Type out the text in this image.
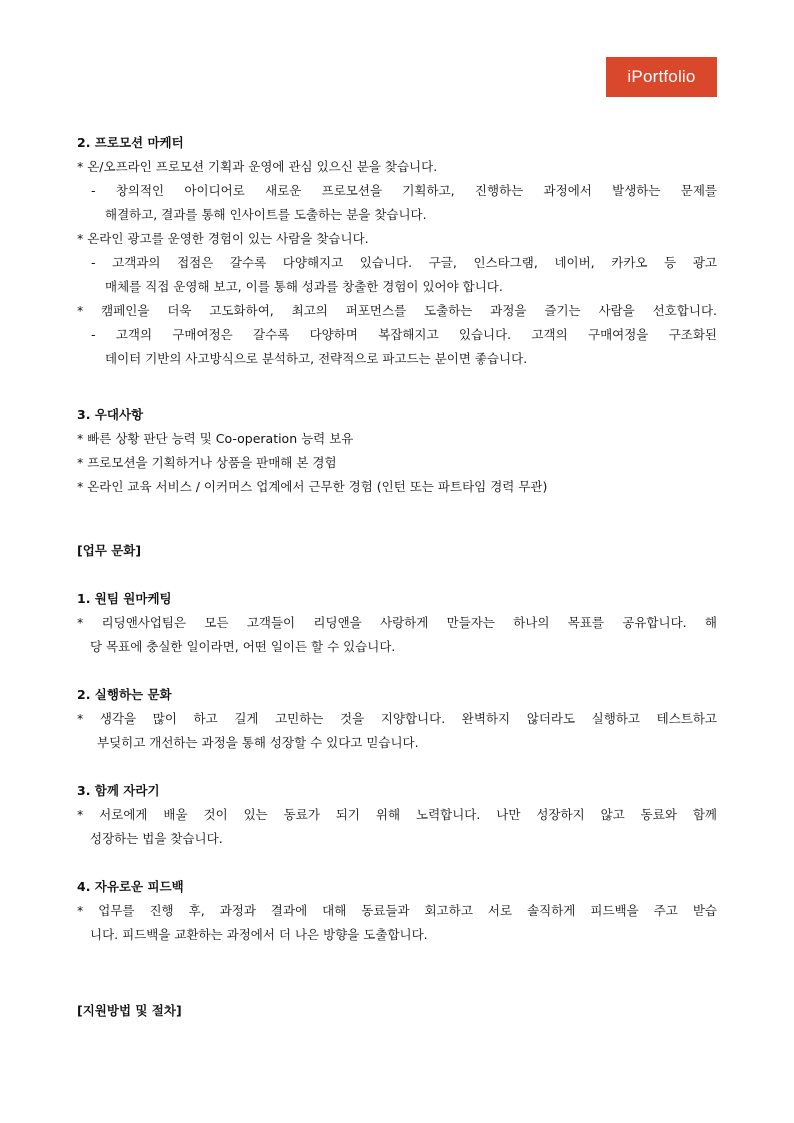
iPortfolio
2. 프로모션 마케터
* 온/오프라인 프로모션 기획과 운영에 관심 있으신 분을 찾습니다.
- 창의적인 아이디어로 새로운 프로모션을 기획하고, 진행하는 과정에서 발생하는 문제를
해결하고, 결과를 통해 인사이트를 도출하는 분을 찾습니다.
* 온라인 광고를 운영한 경험이 있는 사람을 찾습니다.
- 고객과의 접점은 갈수록 다양해지고 있습니다. 구글, 인스타그램, 네이버, 카카오 등 광고
매체를 직접 운영해 보고, 이를 통해 성과를 창출한 경험이 있어야 합니다.
* 캠페인을 더욱 고도화하여, 최고의 퍼포먼스를 도출하는 과정을 즐기는 사람을 선호합니다.
- 고객의 구매여정은 갈수록 다양하며 복잡해지고 있습니다. 고객의 구매여정을 구조화된
데이터 기반의 사고방식으로 분석하고, 전략적으로 파고드는 분이면 좋습니다.
3. 우대사항
* 빠른 상황 판단 능력 및 Co-operation 능력 보유
* 프로모션을 기획하거나 상품을 판매해 본 경험
* 온라인 교육 서비스 / 이커머스 업계에서 근무한 경험 (인턴 또는 파트타임 경력 무관)
[업무 문화]
1. 원팀 원마케팅
* 리딩앤사업팀은 모든 고객들이 리딩앤을 사랑하게 만들자는 하나의 목표를 공유합니다. 해
당 목표에 충실한 일이라면, 어떤 일이든 할 수 있습니다.
2. 실행하는 문화
* 생각을 많이 하고 길게 고민하는 것을 지양합니다. 완벽하지 않더라도 실행하고 테스트하고
부딪히고 개선하는 과정을 통해 성장할 수 있다고 믿습니다.
3. 함께 자라기
* 서로에게 배울 것이 있는 동료가 되기 위해 노력합니다. 나만 성장하지 않고 동료와 함께
성장하는 법을 찾습니다.
4. 자유로운 피드백
* 업무를 진행 후, 과정과 결과에 대해 동료들과 회고하고 서로 솔직하게 피드백을 주고 받습
니다. 피드백을 교환하는 과정에서 더 나은 방향을 도출합니다.
[지원방법 및 절차]
